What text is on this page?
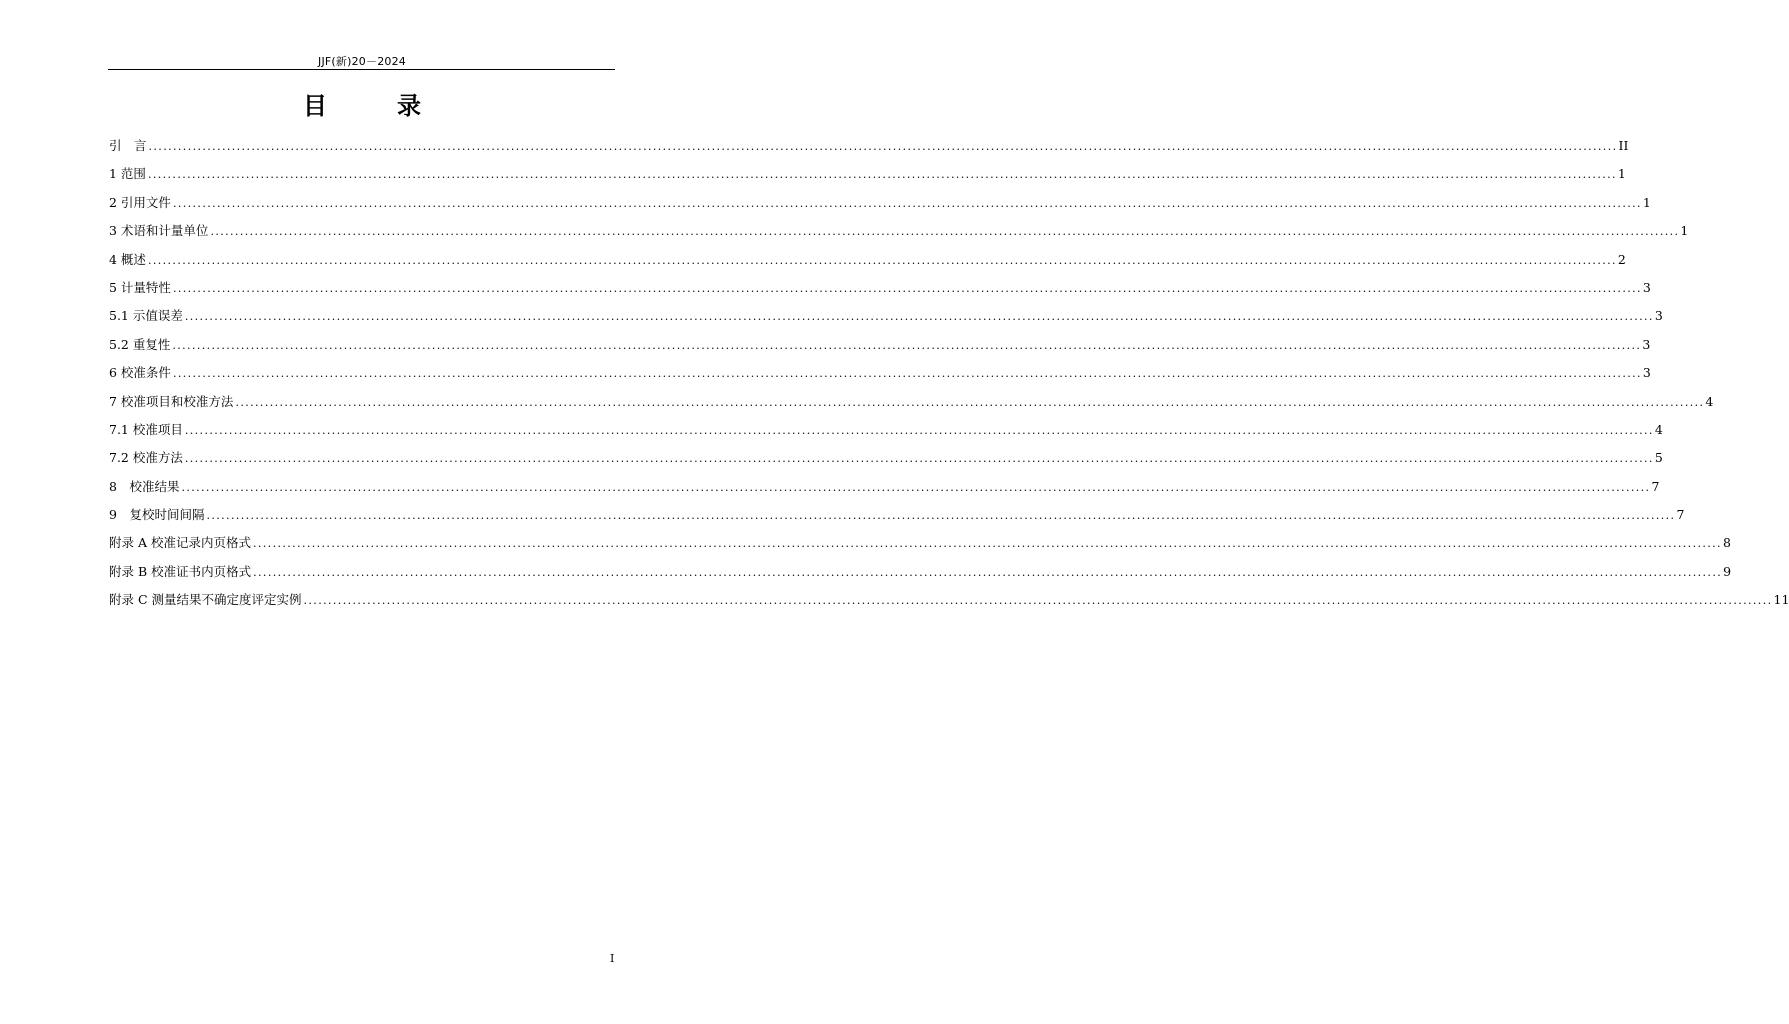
JJF(新)20－2024
目	录
引　言 ............................................................................................................................................................................................................................................................................................................ II
1 范围 ............................................................................................................................................................................................................................................................................................................ 1
2 引用文件 ............................................................................................................................................................................................................................................................................................................ 1
3 术语和计量单位 ............................................................................................................................................................................................................................................................................................................ 1
4 概述 ............................................................................................................................................................................................................................................................................................................ 2
5 计量特性 ............................................................................................................................................................................................................................................................................................................ 3
5.1 示值误差 ............................................................................................................................................................................................................................................................................................................ 3
5.2 重复性 ............................................................................................................................................................................................................................................................................................................ 3
6 校准条件 ............................................................................................................................................................................................................................................................................................................ 3
7 校准项目和校准方法 ............................................................................................................................................................................................................................................................................................................ 4
7.1 校准项目 ............................................................................................................................................................................................................................................................................................................ 4
7.2 校准方法 ............................................................................................................................................................................................................................................................................................................ 5
8　校准结果 ............................................................................................................................................................................................................................................................................................................ 7
9　复校时间间隔 ............................................................................................................................................................................................................................................................................................................ 7
附录 A 校准记录内页格式 ............................................................................................................................................................................................................................................................................................................ 8
附录 B 校准证书内页格式 ............................................................................................................................................................................................................................................................................................................ 9
附录 C 测量结果不确定度评定实例 ............................................................................................................................................................................................................................................................................................................ 11
I
